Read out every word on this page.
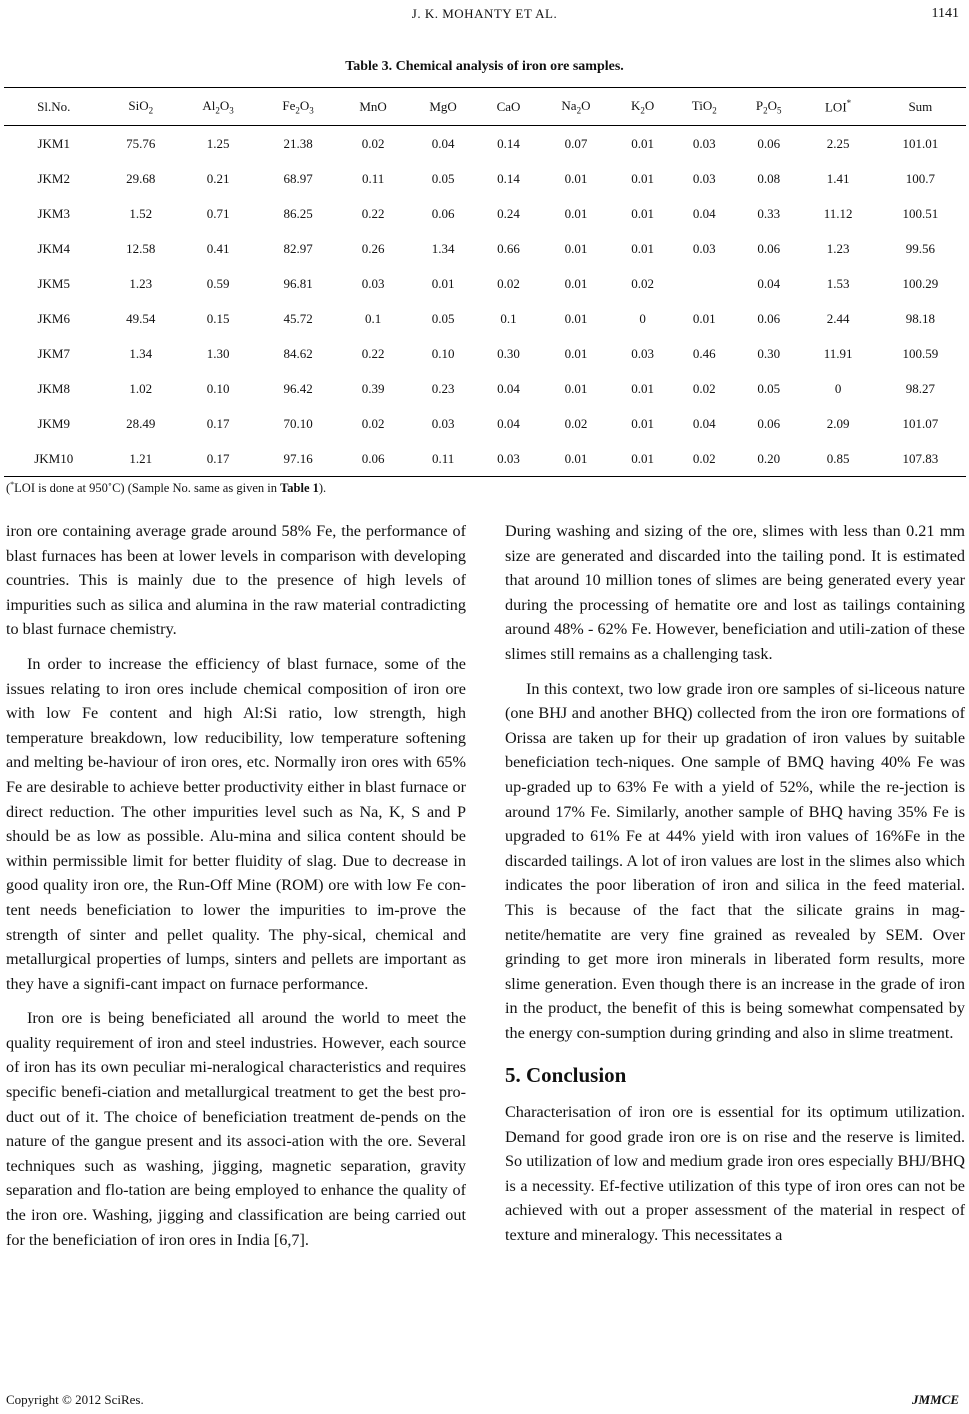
J. K. MOHANTY ET AL.	1141
Table 3. Chemical analysis of iron ore samples.
Sl.No.	SiO$_2$	$Al_2O_3$	$Fe_2O_3$	MnO	MgO	CaO	$Na_2O$	$K_2O$	TiO$_2$	$P_2O_5$	LOI*	Sum
JKM1	75.76	1.25	21.38	0.02	0.04	0.14	0.07	0.01	0.03	0.06	2.25	101.01
JKM2	29.68	0.21	68.97	0.11	0.05	0.14	0.01	0.01	0.03	0.08	1.41	100.7
JKM3	1.52	0.71	86.25	0.22	0.06	0.24	0.01	0.01	0.04	0.33	11.12	100.51
JKM4	12.58	0.41	82.97	0.26	1.34	0.66	0.01	0.01	0.03	0.06	1.23	99.56
JKM5	1.23	0.59	96.81	0.03	0.01	0.02	0.01	0.02		0.04	1.53	100.29
JKM6	49.54	0.15	45.72	0.1	0.05	0.1	0.01	0	0.01	0.06	2.44	98.18
JKM7	1.34	1.30	84.62	0.22	0.10	0.30	0.01	0.03	0.46	0.30	11.91	100.59
JKM8	1.02	0.10	96.42	0.39	0.23	0.04	0.01	0.01	0.02	0.05	0	98.27
JKM9	28.49	0.17	70.10	0.02	0.03	0.04	0.02	0.01	0.04	0.06	2.09	101.07
JKM10	1.21	0.17	97.16	0.06	0.11	0.03	0.01	0.01	0.02	0.20	0.85	107.83
(*LOI is done at 950˚C) (Sample No. same as given in Table 1).

iron ore containing average grade around 58% Fe, the performance of blast furnaces has been at lower levels in comparison with developing countries. This is mainly due to the presence of high levels of impurities such as silica and alumina in the raw material contradicting to blast furnace chemistry.

In order to increase the efficiency of blast furnace, some of the issues relating to iron ores include chemical composition of iron ore with low Fe content and high Al:Si ratio, low strength, high temperature breakdown, low reducibility, low temperature softening and melting be-haviour of iron ores, etc. Normally iron ores with 65% Fe are desirable to achieve better productivity either in blast furnace or direct reduction. The other impurities level such as Na, K, S and P should be as low as possible. Alu-mina and silica content should be within permissible limit for better fluidity of slag. Due to decrease in good quality iron ore, the Run-Off Mine (ROM) ore with low Fe con-tent needs beneficiation to lower the impurities to im-prove the strength of sinter and pellet quality. The phy-sical, chemical and metallurgical properties of lumps, sinters and pellets are important as they have a signifi-cant impact on furnace performance.

Iron ore is being beneficiated all around the world to meet the quality requirement of iron and steel industries. However, each source of iron has its own peculiar mi-neralogical characteristics and requires specific benefi-ciation and metallurgical treatment to get the best pro-duct out of it. The choice of beneficiation treatment de-pends on the nature of the gangue present and its associ-ation with the ore. Several techniques such as washing, jigging, magnetic separation, gravity separation and flo-tation are being employed to enhance the quality of the iron ore. Washing, jigging and classification are being carried out for the beneficiation of iron ores in India [6,7].

During washing and sizing of the ore, slimes with less than 0.21 mm size are generated and discarded into the tailing pond. It is estimated that around 10 million tones of slimes are being generated every year during the processing of hematite ore and lost as tailings containing around 48% - 62% Fe. However, beneficiation and utili-zation of these slimes still remains as a challenging task.

In this context, two low grade iron ore samples of si-liceous nature (one BHJ and another BHQ) collected from the iron ore formations of Orissa are taken up for their up gradation of iron values by suitable beneficiation tech-niques. One sample of BMQ having 40% Fe was up-graded up to 63% Fe with a yield of 52%, while the re-jection is around 17% Fe. Similarly, another sample of BHQ having 35% Fe is upgraded to 61% Fe at 44% yield with iron values of 16%Fe in the discarded tailings. A lot of iron values are lost in the slimes also which indicates the poor liberation of iron and silica in the feed material. This is because of the fact that the silicate grains in mag-netite/hematite are very fine grained as revealed by SEM. Over grinding to get more iron minerals in liberated form results, more slime generation. Even though there is an increase in the grade of iron in the product, the benefit of this is being somewhat compensated by the energy con-sumption during grinding and also in slime treatment.

5. Conclusion

Characterisation of iron ore is essential for its optimum utilization. Demand for good grade iron ore is on rise and the reserve is limited. So utilization of low and medium grade iron ores especially BHJ/BHQ is a necessity. Ef-fective utilization of this type of iron ores can not be achieved with out a proper assessment of the material in respect of texture and mineralogy. This necessitates a

Copyright © 2012 SciRes.	JMMCE
